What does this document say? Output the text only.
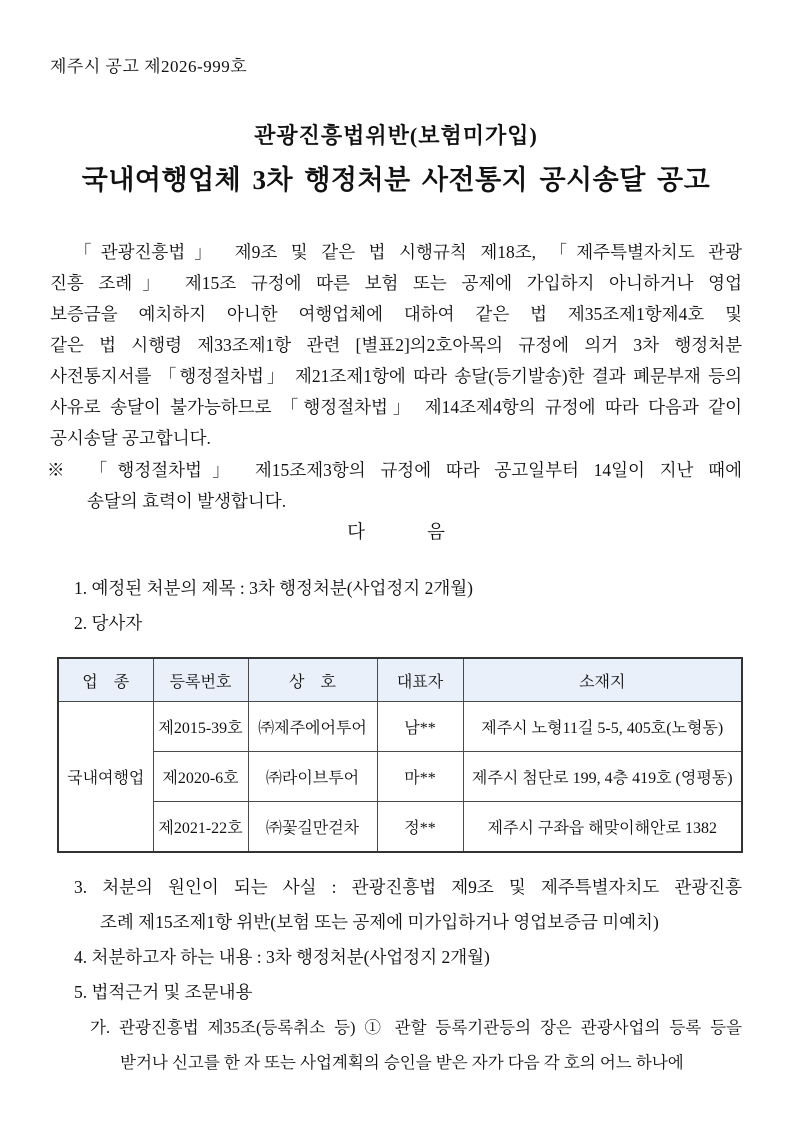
제주시 공고 제2026-999호
관광진흥법위반(보험미가입)
국내여행업체 3차 행정처분 사전통지 공시송달 공고
「관광진흥법」 제9조 및 같은 법 시행규칙 제18조, 「제주특별자치도 관광
진흥 조례」 제15조 규정에 따른 보험 또는 공제에 가입하지 아니하거나 영업
보증금을 예치하지 아니한 여행업체에 대하여 같은 법 제35조제1항제4호 및
같은 법 시행령 제33조제1항 관련 [별표2]의2호아목의 규정에 의거 3차 행정처분
사전통지서를 「행정절차법」 제21조제1항에 따라 송달(등기발송)한 결과 폐문부재 등의
사유로 송달이 불가능하므로 「행정절차법」 제14조제4항의 규정에 따라 다음과 같이
공시송달 공고합니다.
※ 「행정절차법」 제15조제3항의 규정에 따라 공고일부터 14일이 지난 때에
송달의 효력이 발생합니다.
다	음
1. 예정된 처분의 제목 : 3차 행정처분(사업정지 2개월)
2. 당사자
업　종	등록번호	상　호	대표자	소재지
국내여행업	제2015-39호	㈜제주에어투어	남**	제주시 노형11길 5-5, 405호(노형동)
	제2020-6호	㈜라이브투어	마**	제주시 첨단로 199, 4층 419호 (영평동)
	제2021-22호	㈜꽃길만걷차	정**	제주시 구좌읍 해맞이해안로 1382
3. 처분의 원인이 되는 사실 : 관광진흥법 제9조 및 제주특별자치도 관광진흥
조례 제15조제1항 위반(보험 또는 공제에 미가입하거나 영업보증금 미예치)
4. 처분하고자 하는 내용 : 3차 행정처분(사업정지 2개월)
5. 법적근거 및 조문내용
가. 관광진흥법 제35조(등록취소 등) ① 관할 등록기관등의 장은 관광사업의 등록 등을
받거나 신고를 한 자 또는 사업계획의 승인을 받은 자가 다음 각 호의 어느 하나에
